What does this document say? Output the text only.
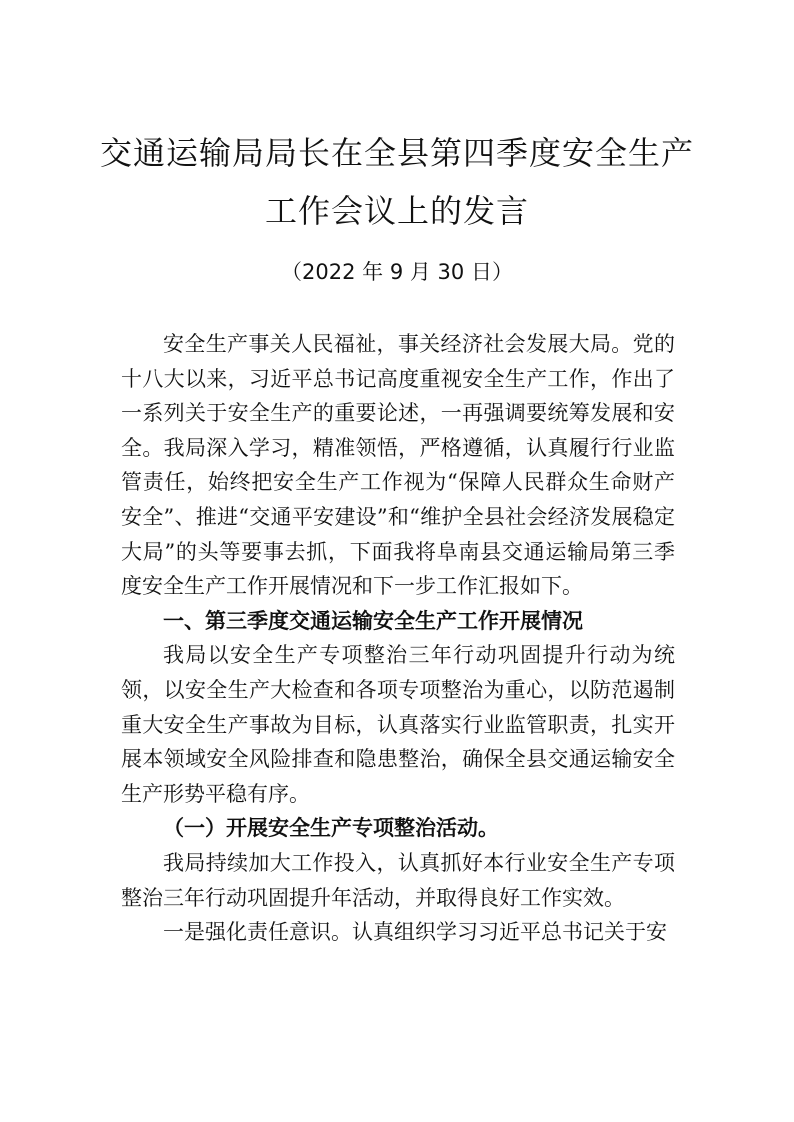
交通运输局局长在全县第四季度安全生产
工作会议上的发言
（2022 年 9 月 30 日）

安全生产事关人民福祉，事关经济社会发展大局。党的十八大以来，习近平总书记高度重视安全生产工作，作出了一系列关于安全生产的重要论述，一再强调要统筹发展和安全。我局深入学习，精准领悟，严格遵循，认真履行行业监管责任，始终把安全生产工作视为“保障人民群众生命财产安全”、推进“交通平安建设”和“维护全县社会经济发展稳定大局”的头等要事去抓，下面我将阜南县交通运输局第三季度安全生产工作开展情况和下一步工作汇报如下。

一、第三季度交通运输安全生产工作开展情况

我局以安全生产专项整治三年行动巩固提升行动为统领，以安全生产大检查和各项专项整治为重心，以防范遏制重大安全生产事故为目标，认真落实行业监管职责，扎实开展本领域安全风险排查和隐患整治，确保全县交通运输安全生产形势平稳有序。

（一）开展安全生产专项整治活动。

我局持续加大工作投入，认真抓好本行业安全生产专项整治三年行动巩固提升年活动，并取得良好工作实效。

一是强化责任意识。认真组织学习习近平总书记关于安
